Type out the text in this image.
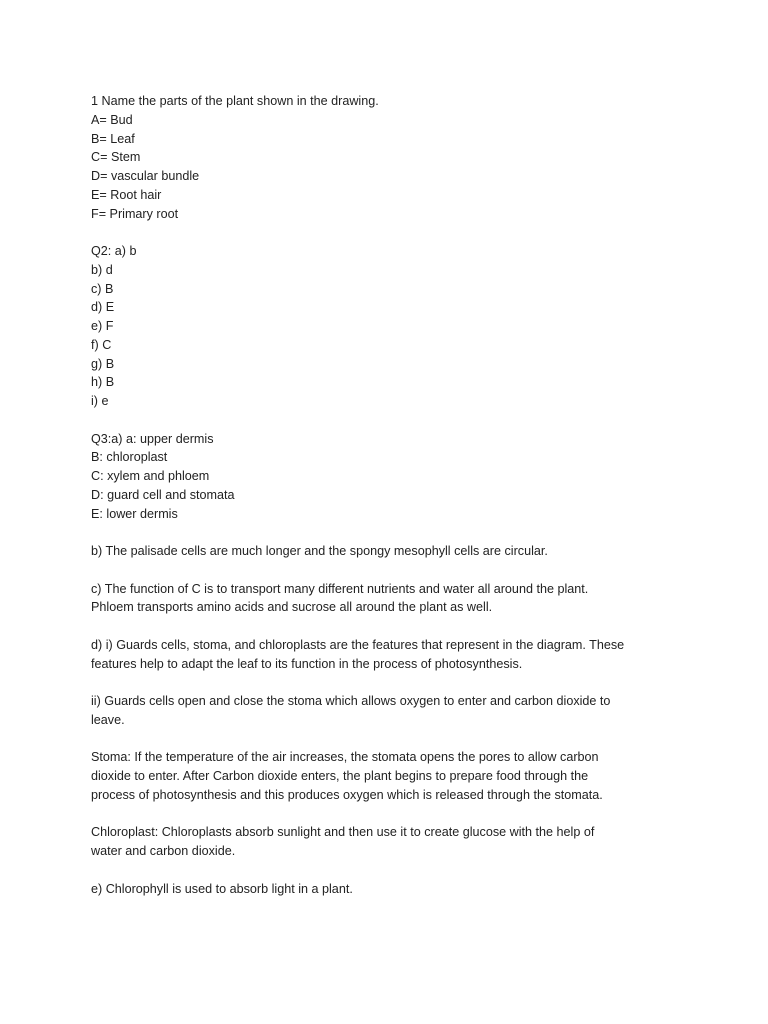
1 Name the parts of the plant shown in the drawing.
A= Bud
B= Leaf
C= Stem
D= vascular bundle
E= Root hair
F= Primary root
Q2: a) b
b) d
c) B
d) E
e) F
f) C
g) B
h) B
i) e
Q3:a) a: upper dermis
B: chloroplast
C: xylem and phloem
D: guard cell and stomata
E: lower dermis
b) The palisade cells are much longer and the spongy mesophyll cells are circular.
c) The function of C is to transport many different nutrients and water all around the plant.
Phloem transports amino acids and sucrose all around the plant as well.
d) i) Guards cells, stoma, and chloroplasts are the features that represent in the diagram. These
features help to adapt the leaf to its function in the process of photosynthesis.
ii) Guards cells open and close the stoma which allows oxygen to enter and carbon dioxide to
leave.
Stoma: If the temperature of the air increases, the stomata opens the pores to allow carbon
dioxide to enter. After Carbon dioxide enters, the plant begins to prepare food through the
process of photosynthesis and this produces oxygen which is released through the stomata.
Chloroplast: Chloroplasts absorb sunlight and then use it to create glucose with the help of
water and carbon dioxide.
e) Chlorophyll is used to absorb light in a plant.
